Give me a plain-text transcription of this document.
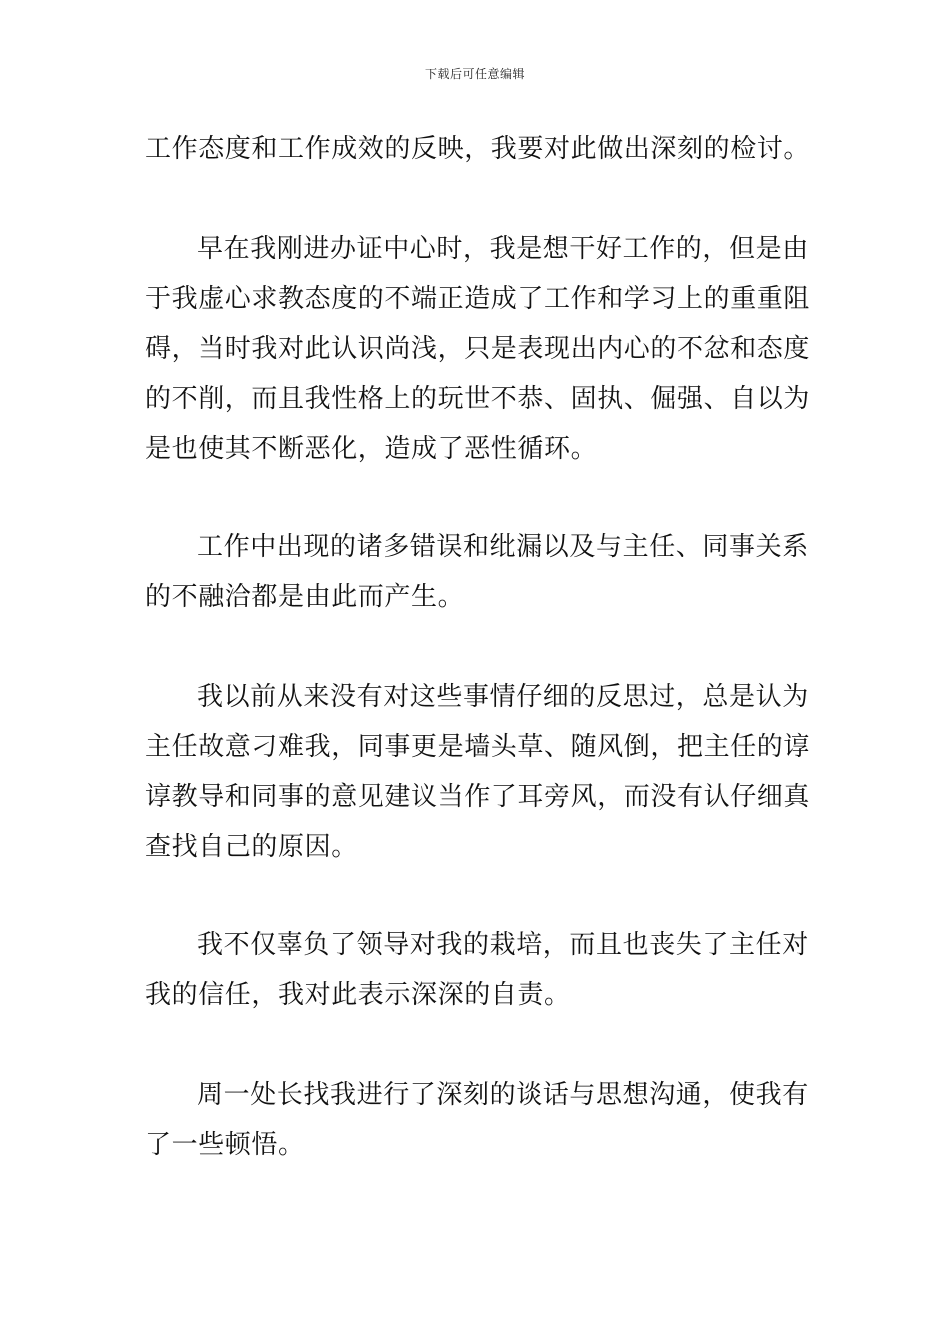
下载后可任意编辑

工作态度和工作成效的反映，我要对此做出深刻的检讨。

早在我刚进办证中心时，我是想干好工作的，但是由于我虚心求教态度的不端正造成了工作和学习上的重重阻碍，当时我对此认识尚浅，只是表现出内心的不忿和态度的不削，而且我性格上的玩世不恭、固执、倔强、自以为是也使其不断恶化，造成了恶性循环。

工作中出现的诸多错误和纰漏以及与主任、同事关系的不融洽都是由此而产生。

我以前从来没有对这些事情仔细的反思过，总是认为主任故意刁难我，同事更是墙头草、随风倒，把主任的谆谆教导和同事的意见建议当作了耳旁风，而没有认仔细真查找自己的原因。

我不仅辜负了领导对我的栽培，而且也丧失了主任对我的信任，我对此表示深深的自责。

周一处长找我进行了深刻的谈话与思想沟通，使我有了一些顿悟。
